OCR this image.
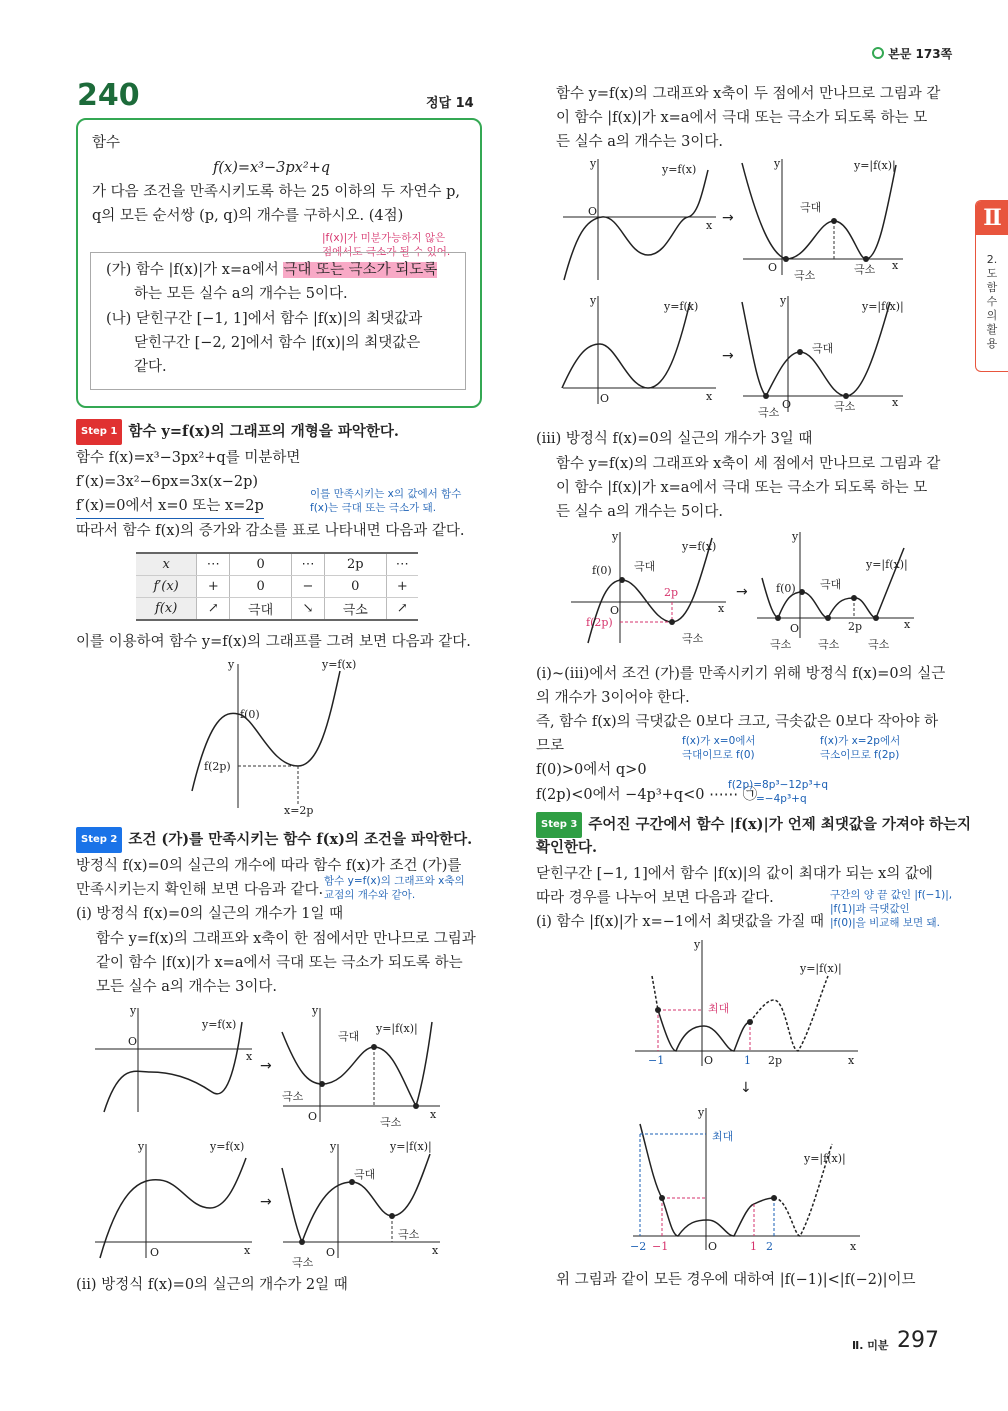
본문 173쪽
Ⅱ
2. 도함수의 활용
240	정답 14
함수
f(x)=x³−3px²+q
가 다음 조건을 만족시키도록 하는 25 이하의 두 자연수 p,
q의 모든 순서쌍 (p, q)의 개수를 구하시오. (4점)
|f(x)|가 미분가능하지 않은
점에서도 극소가 될 수 있어.
(가) 함수 |f(x)|가 x=a에서 극대 또는 극소가 되도록
하는 모든 실수 a의 개수는 5이다.
(나) 닫힌구간 [−1, 1]에서 함수 |f(x)|의 최댓값과
닫힌구간 [−2, 2]에서 함수 |f(x)|의 최댓값은
같다.
Step 1 함수 y=f(x)의 그래프의 개형을 파악한다.
함수 f(x)=x³−3px²+q를 미분하면
f′(x)=3x²−6px=3x(x−2p)
f′(x)=0에서 x=0 또는 x=2p
이를 만족시키는 x의 값에서 함수
f(x)는 극대 또는 극소가 돼.
따라서 함수 f(x)의 증가와 감소를 표로 나타내면 다음과 같다.
x	⋯	0	⋯	2p	⋯
f′(x)	+	0	−	0	+
f(x)	↗	극대	↘	극소	↗
이를 이용하여 함수 y=f(x)의 그래프를 그려 보면 다음과 같다.
y	y=f(x)
f(0)
f(2p)
x=2p
Step 2 조건 (가)를 만족시키는 함수 f(x)의 조건을 파악한다.
방정식 f(x)=0의 실근의 개수에 따라 함수 f(x)가 조건 (가)를
만족시키는지 확인해 보면 다음과 같다.
함수 y=f(x)의 그래프와 x축의
교점의 개수와 같아.
(ⅰ) 방정식 f(x)=0의 실근의 개수가 1일 때
함수 y=f(x)의 그래프와 x축이 한 점에서만 만나므로 그림과
같이 함수 |f(x)|가 x=a에서 극대 또는 극소가 되도록 하는
모든 실수 a의 개수는 3이다.
y
O
x
y=f(x)
→
y
O	x
y=|f(x)|
극대
극소
극소
y
O	x
y=f(x)
→
y
O	x
y=|f(x)|
극대
극소
극소
(ⅱ) 방정식 f(x)=0의 실근의 개수가 2일 때
함수 y=f(x)의 그래프와 x축이 두 점에서 만나므로 그림과 같
이 함수 |f(x)|가 x=a에서 극대 또는 극소가 되도록 하는 모
든 실수 a의 개수는 3이다.
y
O
x
y=f(x)
→
y
O	x
y=|f(x)|
극대
극소	극소
y
O	x
y=f(x)
→
y
O	x
y=|f(x)|
극대
극소	극소
(ⅲ) 방정식 f(x)=0의 실근의 개수가 3일 때
함수 y=f(x)의 그래프와 x축이 세 점에서 만나므로 그림과 같
이 함수 |f(x)|가 x=a에서 극대 또는 극소가 되도록 하는 모
든 실수 a의 개수는 5이다.
y
O	x
y=f(x)
f(0)
f(2p)
2p
극대
극소
→
y
O	x
y=|f(x)|
f(0)
2p
극대
극소 극소	극소
(ⅰ)~(ⅲ)에서 조건 (가)를 만족시키기 위해 방정식 f(x)=0의 실근
의 개수가 3이어야 한다.
즉, 함수 f(x)의 극댓값은 0보다 크고, 극솟값은 0보다 작아야 하
므로	f(x)가 x=0에서
극대이므로 f(0)
f(x)가 x=2p에서
극소이므로 f(2p)
f(0)>0에서 q>0
f(2p)<0에서 −4p³+q<0 ⋯⋯ ㉠
f(2p)=8p³−12p³+q
=−4p³+q
Step 3 주어진 구간에서 함수 |f(x)|가 언제 최댓값을 가져야 하는지
확인한다.
닫힌구간 [−1, 1]에서 함수 |f(x)|의 값이 최대가 되는 x의 값에
따라 경우를 나누어 보면 다음과 같다.	구간의 양 끝 값인 |f(−1)|,
|f(1)|과 극댓값인
|f(0)|을 비교해 보면 돼.
(ⅰ) 함수 |f(x)|가 x=−1에서 최댓값을 가질 때
y
O	x
y=|f(x)|
최대
−1	1 2p
↓
y
O	x
y=|f(x)|
최대
−2 −1	1 2
위 그림과 같이 모든 경우에 대하여 |f(−1)|<|f(−2)|이므
Ⅱ. 미분 297
